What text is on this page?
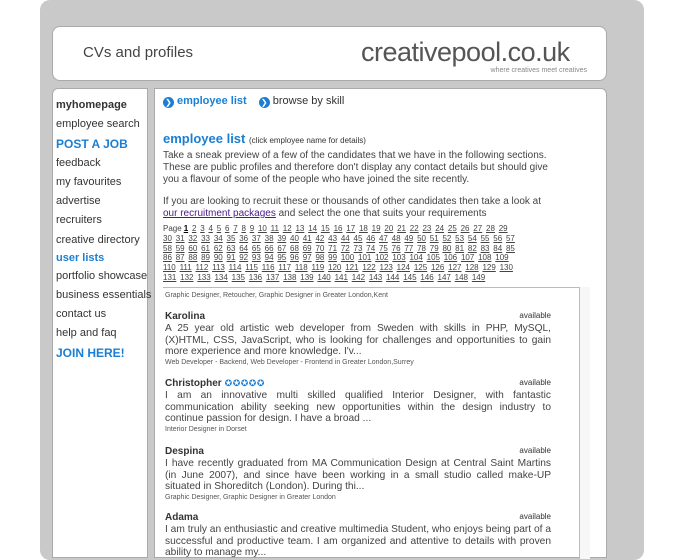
CVs and profiles	creativepool.co.uk
where creatives meet creatives
myhomepage
employee search
POST A JOB
feedback
my favourites
advertise
recruiters
creative directory
user lists
portfolio showcase
business essentials
contact us
help and faq
JOIN HERE!
❯ employee list ❯ browse by skill
employee list (click employee name for details)

Take a sneak preview of a few of the candidates that we have in the following sections. These are public profiles and therefore don't display any contact details but should give you a flavour of some of the people who have joined the site recently.

If you are looking to recruit these or thousands of other candidates then take a look at our recruitment packages and select the one that suits your requirements

Page 1 2 3 4 5 6 7 8 9 10 11 12 13 14 15 16 17 18 19 20 21 22 23 24 25 26 27 28 2930 31 32 33 34 35 36 37 38 39 40 41 42 43 44 45 46 47 48 49 50 51 52 53 54 55 56 5758 59 60 61 62 63 64 65 66 67 68 69 70 71 72 73 74 75 76 77 78 79 80 81 82 83 84 8586 87 88 89 90 91 92 93 94 95 96 97 98 99 100 101 102 103 104 105 106 107 108 109110 111 112 113 114 115 116 117 118 119 120 121 122 123 124 125 126 127 128 129 130131 132 133 134 135 136 137 138 139 140 141 142 143 144 145 146 147 148 149
Graphic Designer, Retoucher, Graphic Designer in Greater London,Kent
Karolina	available
A 25 year old artistic web developer from Sweden with skills in PHP, MySQL, (X)HTML, CSS, JavaScript, who is looking for challenges and opportunities to gain more experience and more knowledge. I'v...
Web Developer - Backend, Web Developer - Frontend in Greater London,Surrey
Christopher ✪✪✪✪✪	available
I am an innovative multi skilled qualified Interior Designer, with fantastic communication ability seeking new opportunities within the design industry to continue passion for design. I have a broad ...
Interior Designer in Dorset
Despina	available
I have recently graduated from MA Communication Design at Central Saint Martins (in June 2007), and since have been working in a small studio called make-UP situated in Shoreditch (London). During thi...
Graphic Designer, Graphic Designer in Greater London
Adama	available
I am truly an enthusiastic and creative multimedia Student, who enjoys being part of a successful and productive team. I am organized and attentive to details with proven ability to manage my...
